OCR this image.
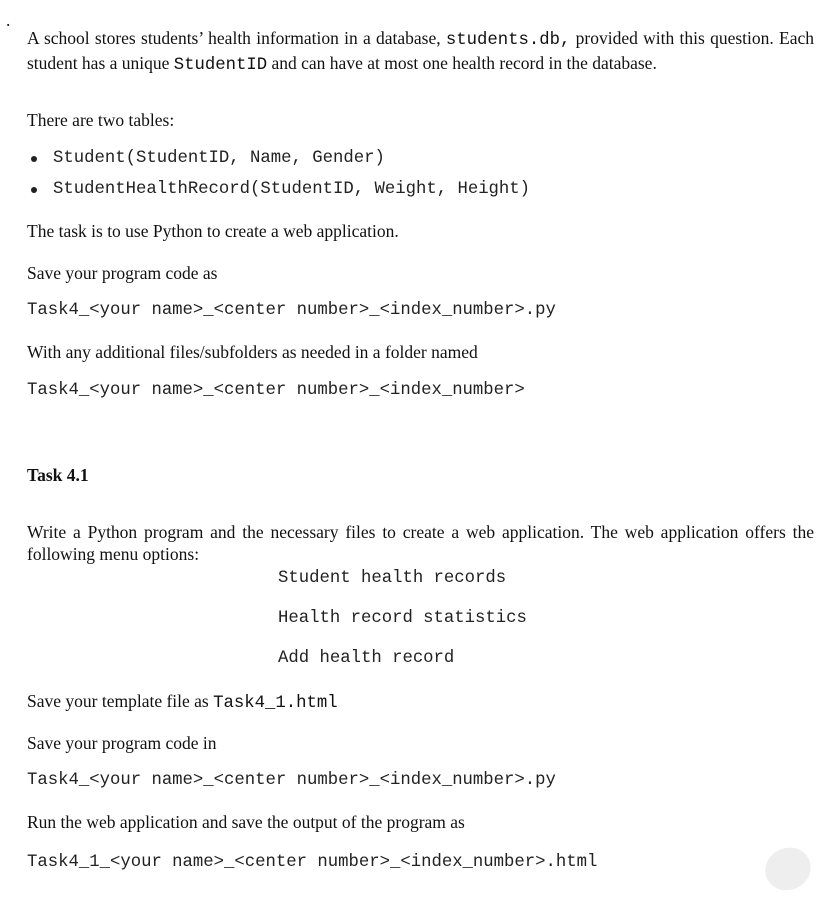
.

A school stores students’ health information in a database, students.db, provided with this question. Each student has a unique StudentID and can have at most one health record in the database.

There are two tables:

Student(StudentID, Name, Gender)

StudentHealthRecord(StudentID, Weight, Height)

The task is to use Python to create a web application.

Save your program code as

Task4_<your name>_<center number>_<index_number>.py

With any additional files/subfolders as needed in a folder named

Task4_<your name>_<center number>_<index_number>

Task 4.1

Write a Python program and the necessary files to create a web application. The web application offers the following menu options:

Student health records

Health record statistics

Add health record

Save your template file as Task4_1.html

Save your program code in

Task4_<your name>_<center number>_<index_number>.py

Run the web application and save the output of the program as

Task4_1_<your name>_<center number>_<index_number>.html
